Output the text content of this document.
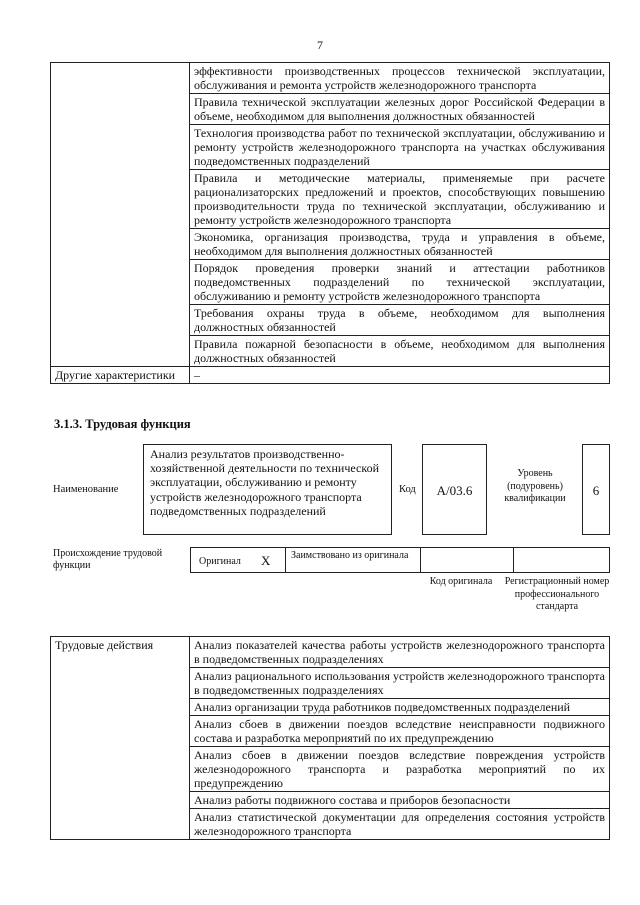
7
	эффективности производственных процессов технической эксплуатации, обслуживания и ремонта устройств железнодорожного транспорта
	Правила технической эксплуатации железных дорог Российской Федерации в объеме, необходимом для выполнения должностных обязанностей
	Технология производства работ по технической эксплуатации, обслуживанию и ремонту устройств железнодорожного транспорта на участках обслуживания подведомственных подразделений
	Правила и методические материалы, применяемые при расчете рационализаторских предложений и проектов, способствующих повышению производительности труда по технической эксплуатации, обслуживанию и ремонту устройств железнодорожного транспорта
	Экономика, организация производства, труда и управления в объеме, необходимом для выполнения должностных обязанностей
	Порядок проведения проверки знаний и аттестации работников подведомственных подразделений по технической эксплуатации, обслуживанию и ремонту устройств железнодорожного транспорта
	Требования охраны труда в объеме, необходимом для выполнения должностных обязанностей
	Правила пожарной безопасности в объеме, необходимом для выполнения должностных обязанностей
Другие характеристики	–
3.1.3. Трудовая функция
Наименование
Анализ результатов производственно-хозяйственной деятельности по технической эксплуатации, обслуживанию и ремонту устройств железнодорожного транспорта подведомственных подразделений
Код	А/03.6
Уровень (подуровень) квалификации
6
Происхождение трудовой функции	Оригинал X Заимствовано из оригинала
Код оригинала	Регистрационный номер профессионального стандарта
Трудовые действия	Анализ показателей качества работы устройств железнодорожного транспорта в подведомственных подразделениях
Анализ рационального использования устройств железнодорожного транспорта в подведомственных подразделениях
Анализ организации труда работников подведомственных подразделений
Анализ сбоев в движении поездов вследствие неисправности подвижного состава и разработка мероприятий по их предупреждению
Анализ сбоев в движении поездов вследствие повреждения устройств железнодорожного транспорта и разработка мероприятий по их предупреждению
Анализ работы подвижного состава и приборов безопасности
Анализ статистической документации для определения состояния устройств железнодорожного транспорта
